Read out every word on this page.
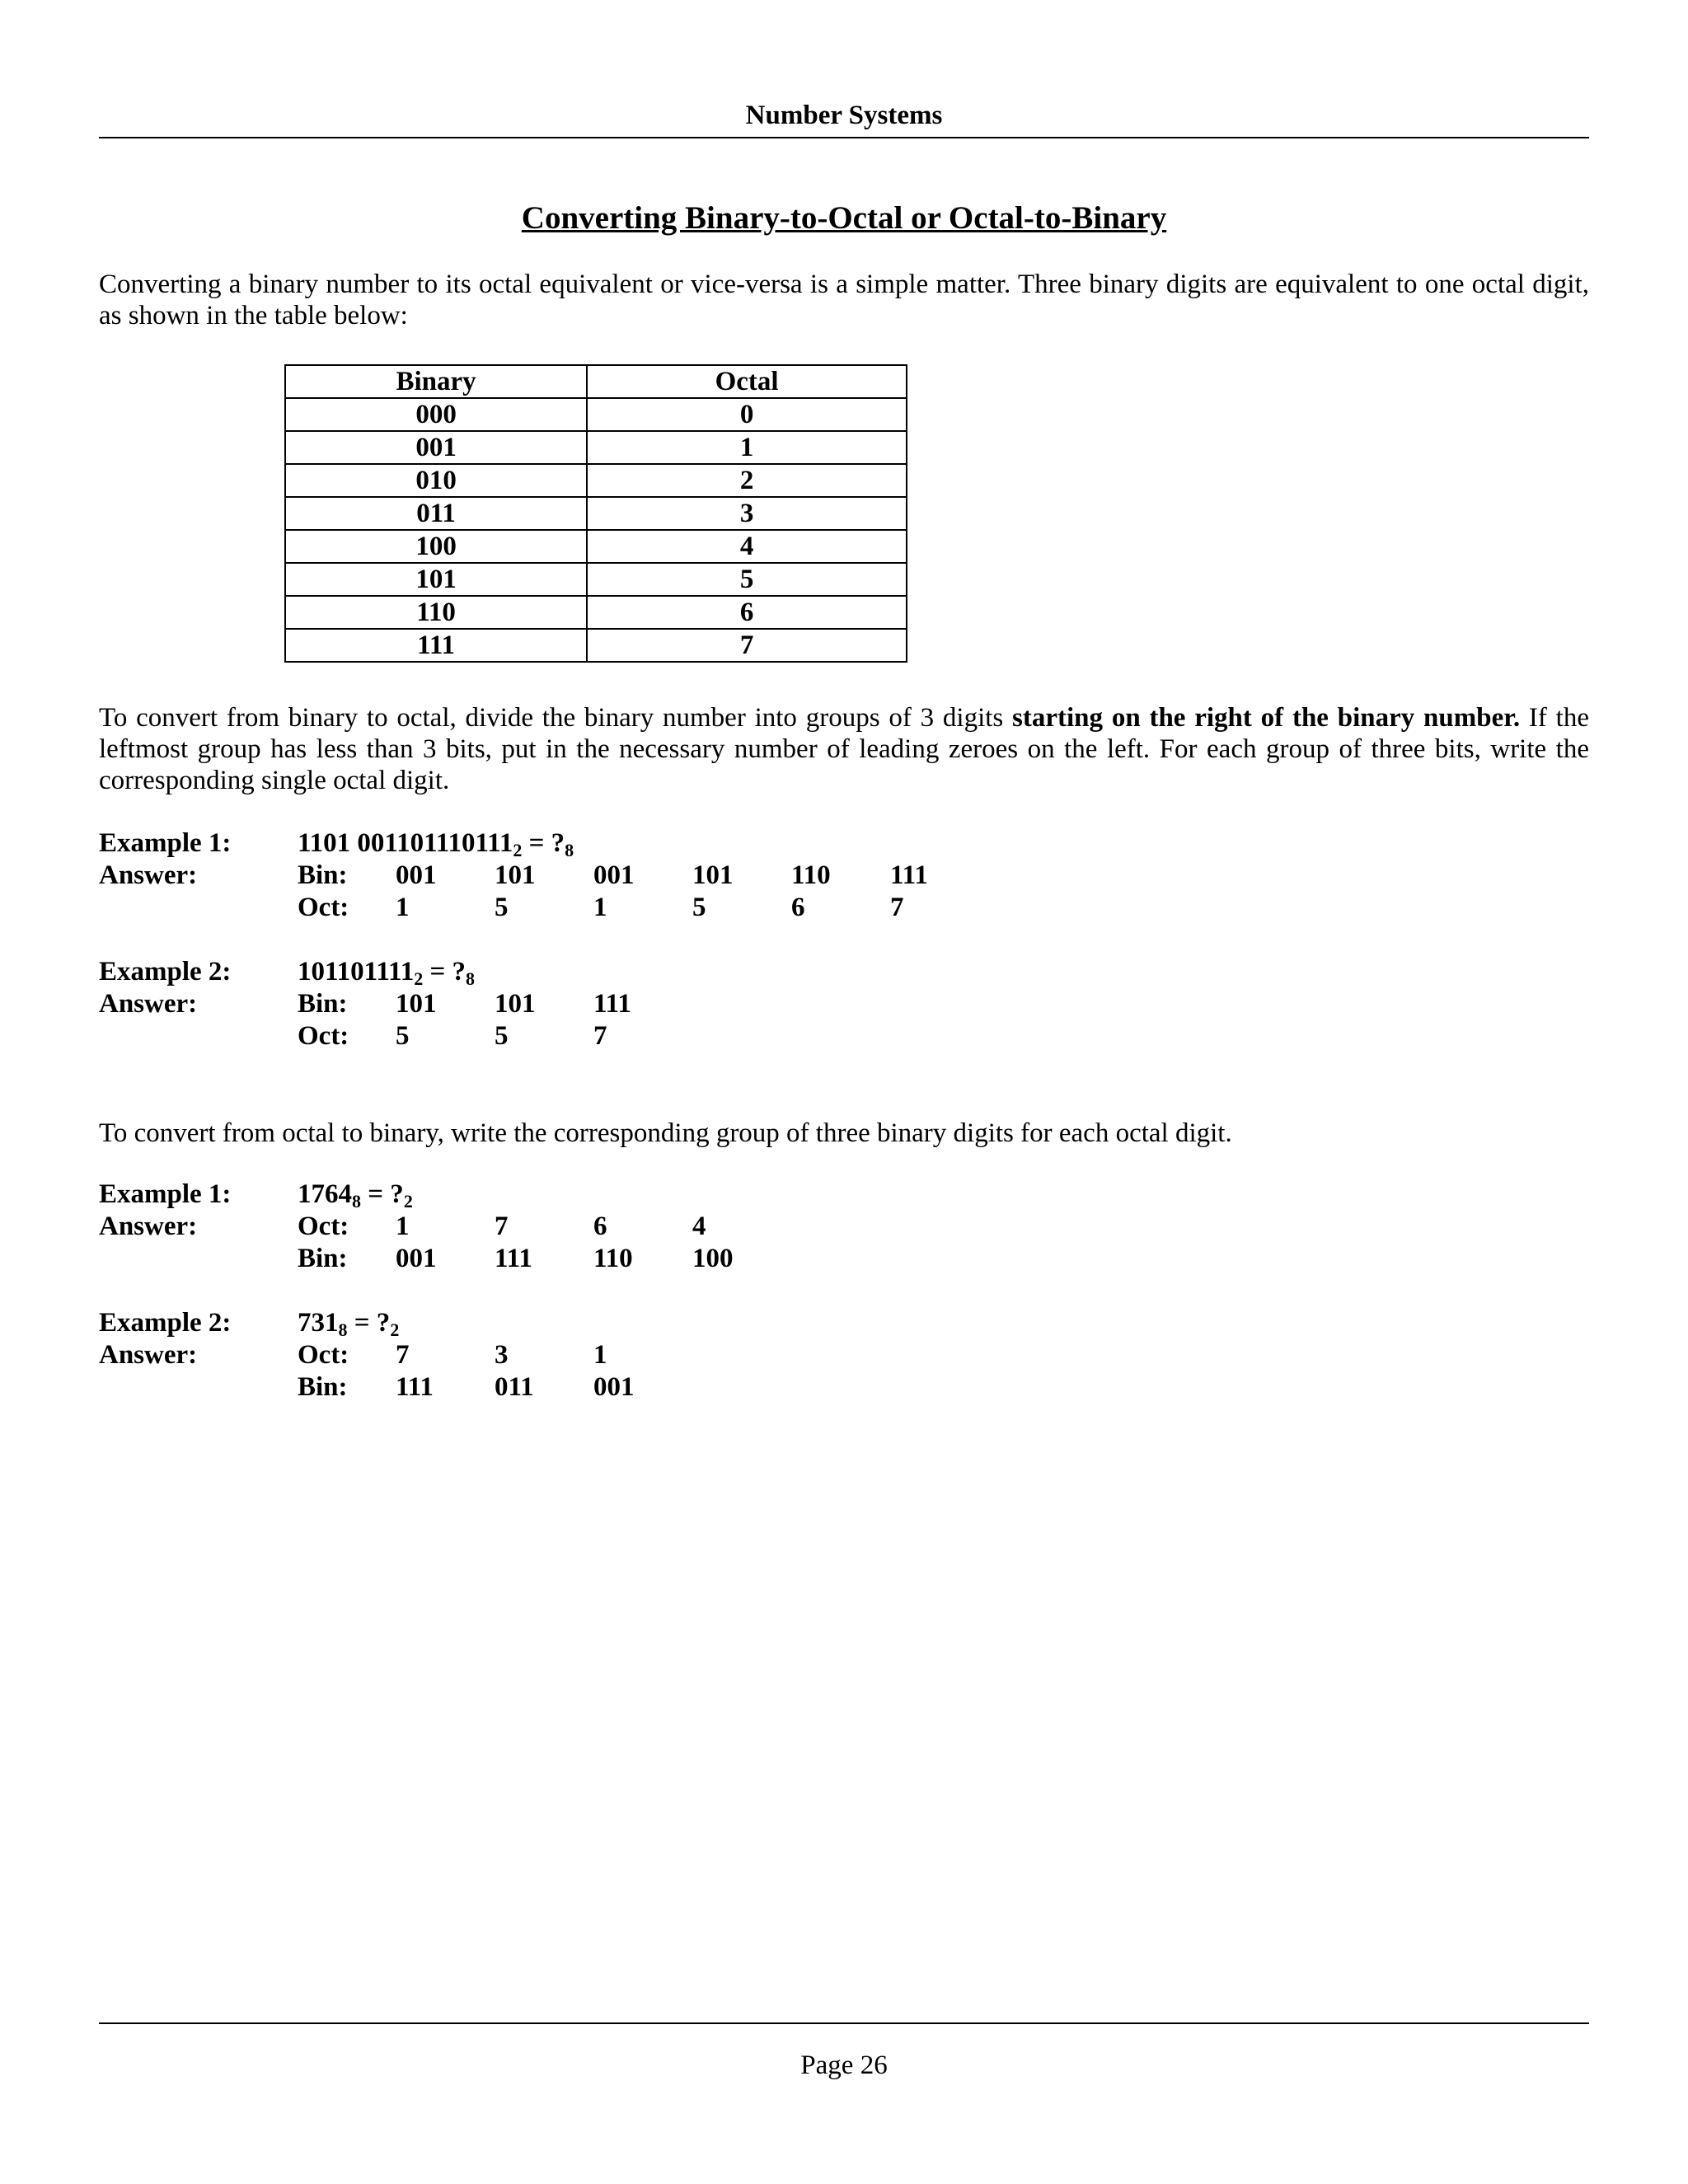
Number Systems
Converting Binary-to-Octal or Octal-to-Binary
Converting a binary number to its octal equivalent or vice-versa is a simple matter. Three binary digits are equivalent to one octal digit, as shown in the table below:
Binary	Octal
000	0
001	1
010	2
011	3
100	4
101	5
110	6
111	7
To convert from binary to octal, divide the binary number into groups of 3 digits starting on the right of the binary number. If the leftmost group has less than 3 bits, put in the necessary number of leading zeroes on the left. For each group of three bits, write the corresponding single octal digit.
Example 1: 1101 $001101110111_2$ = $?_8$
Answer:	Bin: 001 101 001 101 110 111
Oct: 1	5	1	5	6	7
Example 2: $101101111_2$ = $?_8$
Answer:	Bin: 101 101 111
Oct: 5	5	7
To convert from octal to binary, write the corresponding group of three binary digits for each octal digit.
Example 1: $1764_8$ = $?_2$
Answer:	Oct: 1	7	6	4
Bin: 001 111 110 100
Example 2: $731_8$ = $?_2$
Answer:	Oct: 7	3	1
Bin: 111 011 001
Page 26
